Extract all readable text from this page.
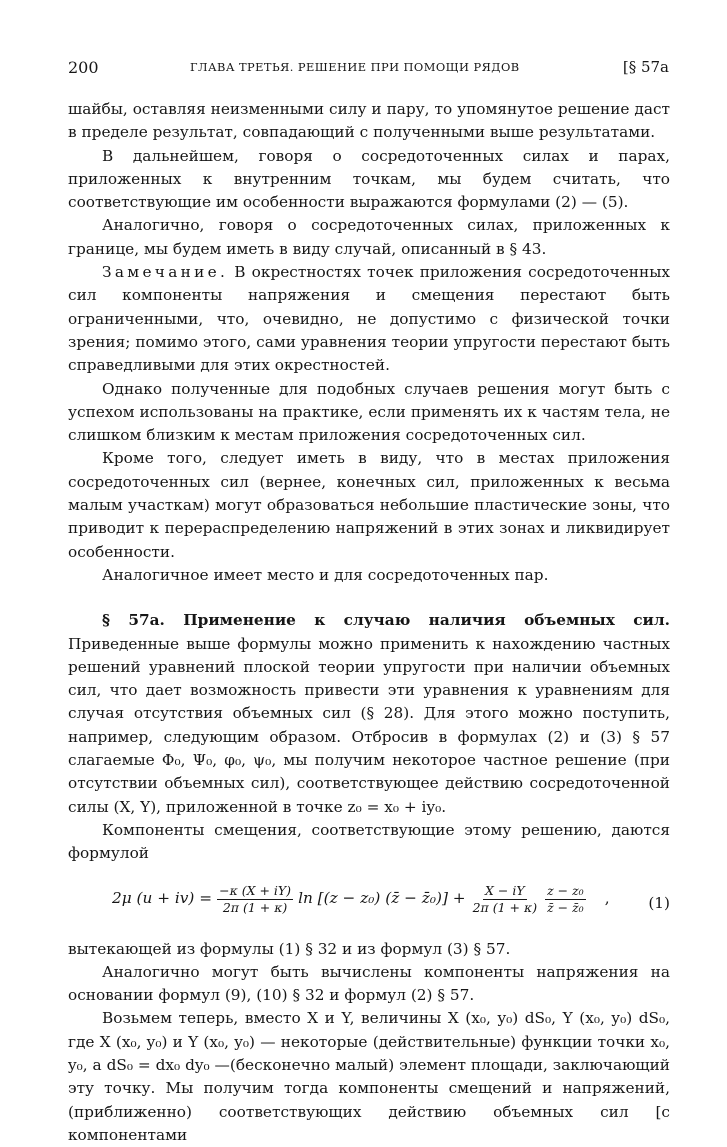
200	ГЛАВА ТРЕТЬЯ. РЕШЕНИЕ ПРИ ПОМОЩИ РЯДОВ	[§ 57а

шайбы, оставляя неизменными силу и пару, то упомянутое решение даст в пределе результат, совпадающий с полученными выше результатами.

В дальнейшем, говоря о сосредоточенных силах и парах, приложенных к внутренним точкам, мы будем считать, что соответствующие им особенности выражаются формулами (2) — (5).

Аналогично, говоря о сосредоточенных силах, приложенных к границе, мы будем иметь в виду случай, описанный в § 43.

Замечание. В окрестностях точек приложения сосредоточенных сил компоненты напряжения и смещения перестают быть ограниченными, что, очевидно, не допустимо с физической точки зрения; помимо этого, сами уравнения теории упругости перестают быть справедливыми для этих окрестностей.

Однако полученные для подобных случаев решения могут быть с успехом использованы на практике, если применять их к частям тела, не слишком близким к местам приложения сосредоточенных сил.

Кроме того, следует иметь в виду, что в местах приложения сосредоточенных сил (вернее, конечных сил, приложенных к весьма малым участкам) могут образоваться небольшие пластические зоны, что приводит к перераспределению напряжений в этих зонах и ликвидирует особенности.

Аналогичное имеет место и для сосредоточенных пар.

§ 57а. Применение к случаю наличия объемных сил. Приведенные выше формулы можно применить к нахождению частных решений уравнений плоской теории упругости при наличии объемных сил, что дает возможность привести эти уравнения к уравнениям для случая отсутствия объемных сил (§ 28). Для этого можно поступить, например, следующим образом. Отбросив в формулах (2) и (3) § 57 слагаемые Φ₀, Ψ₀, φ₀, ψ₀, мы получим некоторое частное решение (при отсутствии объемных сил), соответствующее действию сосредоточенной силы (X, Y), приложенной в точке z₀ = x₀ + iy₀.

Компоненты смещения, соответствующие этому решению, даются формулой

2μ $(u + iv) = \frac{-\kappa (X + iY)}{2\pi (1 + \kappa)}$ ln [(z − z₀) (z̄ − z̄₀)] + $\frac{X - iY}{2\pi (1 + \kappa)} \frac{\text{z − z₀}}{\text{z̄ − z̄₀}}$ ,	(1)

вытекающей из формулы (1) § 32 и из формул (3) § 57.

Аналогично могут быть вычислены компоненты напряжения на основании формул (9), (10) § 32 и формул (2) § 57.

Возьмем теперь, вместо X и Y, величины X (x₀, y₀) dS₀, Y (x₀, y₀) dS₀, где X (x₀, y₀) и Y (x₀, y₀) — некоторые (действительные) функции точки x₀, y₀, а dS₀ = dx₀ dy₀ —(бесконечно малый) элемент площади, заключающий эту точку. Мы получим тогда компоненты смещений и напряжений, (приближенно) соответствующих действию объемных сил [с компонентами
